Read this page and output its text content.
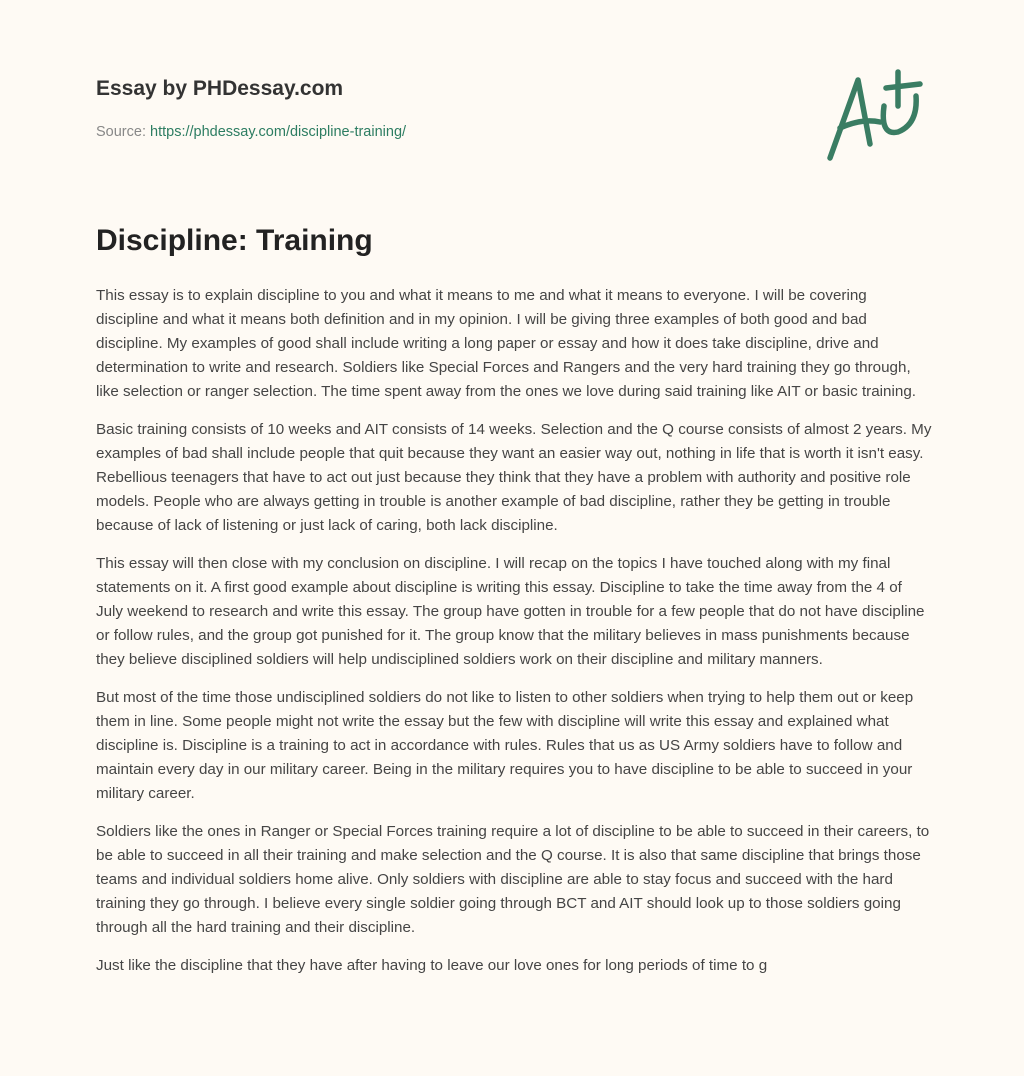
Essay by PHDessay.com
Source: https://phdessay.com/discipline-training/
Discipline: Training

This essay is to explain discipline to you and what it means to me and what it means to everyone. I will be covering discipline and what it means both definition and in my opinion. I will be giving three examples of both good and bad discipline. My examples of good shall include writing a long paper or essay and how it does take discipline, drive and determination to write and research. Soldiers like Special Forces and Rangers and the very hard training they go through, like selection or ranger selection. The time spent away from the ones we love during said training like AIT or basic training.

Basic training consists of 10 weeks and AIT consists of 14 weeks. Selection and the Q course consists of almost 2 years. My examples of bad shall include people that quit because they want an easier way out, nothing in life that is worth it isn't easy. Rebellious teenagers that have to act out just because they think that they have a problem with authority and positive role models. People who are always getting in trouble is another example of bad discipline, rather they be getting in trouble because of lack of listening or just lack of caring, both lack discipline.

This essay will then close with my conclusion on discipline. I will recap on the topics I have touched along with my final statements on it. A first good example about discipline is writing this essay. Discipline to take the time away from the 4 of July weekend to research and write this essay. The group have gotten in trouble for a few people that do not have discipline or follow rules, and the group got punished for it. The group know that the military believes in mass punishments because they believe disciplined soldiers will help undisciplined soldiers work on their discipline and military manners.

But most of the time those undisciplined soldiers do not like to listen to other soldiers when trying to help them out or keep them in line. Some people might not write the essay but the few with discipline will write this essay and explained what discipline is. Discipline is a training to act in accordance with rules. Rules that us as US Army soldiers have to follow and maintain every day in our military career. Being in the military requires you to have discipline to be able to succeed in your military career.

Soldiers like the ones in Ranger or Special Forces training require a lot of discipline to be able to succeed in their careers, to be able to succeed in all their training and make selection and the Q course. It is also that same discipline that brings those teams and individual soldiers home alive. Only soldiers with discipline are able to stay focus and succeed with the hard training they go through. I believe every single soldier going through BCT and AIT should look up to those soldiers going through all the hard training and their discipline.

Just like the discipline that they have after having to leave our love ones for long periods of time to g
